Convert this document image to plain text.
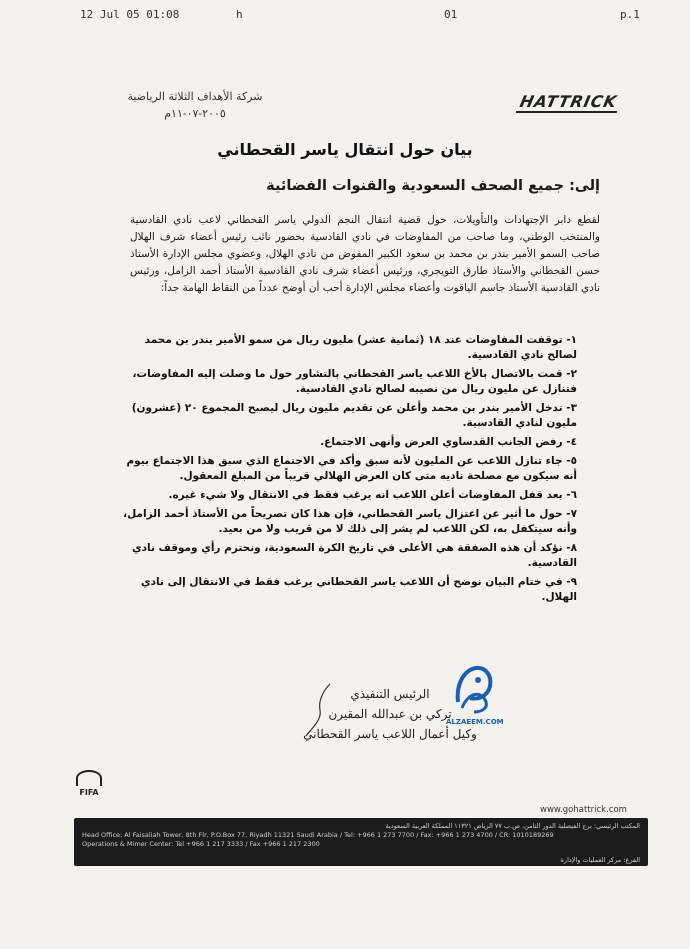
12 Jul 05 01:08	h	01	p.1
HATTRICK
شركة الأهداف الثلاثة الرياضية
٢٠٠٥-٠٧-١١م
بيان حول انتقال ياسر القحطاني
إلى: جميع الصحف السعودية والقنوات الفضائية
لقطع دابر الإجتهادات والتأويلات، حول قضية انتقال النجم الدولي ياسر القحطاني لاعب نادي القادسية والمنتخب الوطني، وما صاحب من المفاوضات في نادي القادسية بحضور نائب رئيس أعضاء شرف الهلال صاحب السمو الأمير بندر بن محمد بن سعود الكبير المفوض من نادي الهلال، وعضوي مجلس الإدارة الأستاذ حسن القحطاني والأستاذ طارق التويجري، ورئيس أعضاء شرف نادي القادسية الأستاذ أحمد الزامل، ورئيس نادي القادسية الأستاذ جاسم الياقوت وأعضاء مجلس الإدارة أحب أن أوضح عدداً من النقاط الهامة جداً:
١- توقفت المفاوضات عند ١٨ (ثمانية عشر) مليون ريال من سمو الأمير بندر بن محمد لصالح نادي القادسية.
٢- قمت بالاتصال بالأخ اللاعب ياسر القحطاني بالتشاور حول ما وصلت إليه المفاوضات، فتنازل عن مليون ريال من نصيبه لصالح نادي القادسية.
٣- تدخل الأمير بندر بن محمد وأعلن عن تقديم مليون ريال ليصبح المجموع ٢٠ (عشرون) مليون لنادي القادسية.
٤- رفض الجانب القدساوي العرض وأنهى الاجتماع.
٥- جاء تنازل اللاعب عن المليون لأنه سبق وأكد في الاجتماع الذي سبق هذا الاجتماع بيوم أنه سيكون مع مصلحة ناديه متى كان العرض الهلالي قريباً من المبلغ المعقول.
٦- بعد قفل المفاوضات أعلن اللاعب انه يرغب فقط في الانتقال ولا شيء غيره.
٧- حول ما أثير عن اعتزال ياسر القحطاني، فإن هذا كان تصريحاً من الأستاذ أحمد الزامل، وأنه سيتكفل به، لكن اللاعب لم يشر إلى ذلك لا من قريب ولا من بعيد.
٨- نؤكد أن هذه الصفقة هي الأعلى في تاريخ الكرة السعودية، ونحترم رأي وموقف نادي القادسية.
٩- في ختام البيان نوضح أن اللاعب ياسر القحطاني يرغب فقط في الانتقال إلى نادي الهلال.
ALZAEEM.COM
الرئيس التنفيذي
تركي بن عبدالله المقيرن
وكيل أعمال اللاعب ياسر القحطاني
FIFA
www.gohattrick.com
المكتب الرئيسي: برج الفيصلية الدور الثامن، ص.ب ٧٧ الرياض ١١٣٢١ المملكة العربية السعودية
Head Office: Al Faisaliah Tower, 8th Flr, P.O.Box 77, Riyadh 11321 Saudi Arabia / Tel: +966 1 273 7700 / Fax: +966 1 273 4700 / CR: 1010189269
Operations & Mimer Center: Tel +966 1 217 3333 / Fax +966 1 217 2300
الفرع: مركز العمليات والإدارة
